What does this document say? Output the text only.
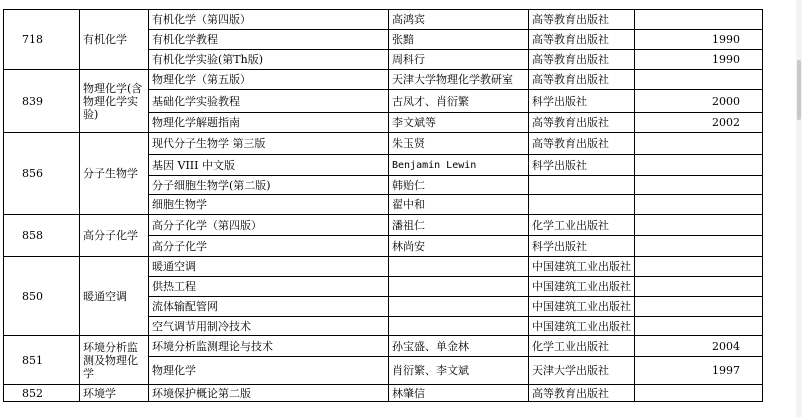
718	有机化学	有机化学（第四版）	高鸿宾	高等教育出版社	
		有机化学教程	张黯	高等教育出版社	1990
		有机化学实验(第Th版)	周科行	高等教育出版社	1990
839	物理化学(含物理化学实验)	物理化学（第五版）	天津大学物理化学教研室	高等教育出版社	
		基础化学实验教程	古凤才、肖衍繁	科学出版社	2000
		物理化学解题指南	李文斌等	高等教育出版社	2002
856	分子生物学	现代分子生物学 第三版	朱玉贤	高等教育出版社	
		基因 VIII 中文版	Benjamin Lewin	科学出版社	
		分子细胞生物学(第二版)	韩贻仁		
		细胞生物学	翟中和		
858	高分子化学	高分子化学（第四版）	潘祖仁	化学工业出版社	
		高分子化学	林尚安	科学出版社	
850	暖通空调	暖通空调		中国建筑工业出版社	
		供热工程		中国建筑工业出版社	
		流体输配管网		中国建筑工业出版社	
		空气调节用制冷技术		中国建筑工业出版社	
851	环境分析监测及物理化学	环境分析监测理论与技术	孙宝盛、单金林	化学工业出版社	2004
		物理化学	肖衍繁、李文斌	天津大学出版社	1997
852	环境学	环境保护概论第二版	林肇信	高等教育出版社	
